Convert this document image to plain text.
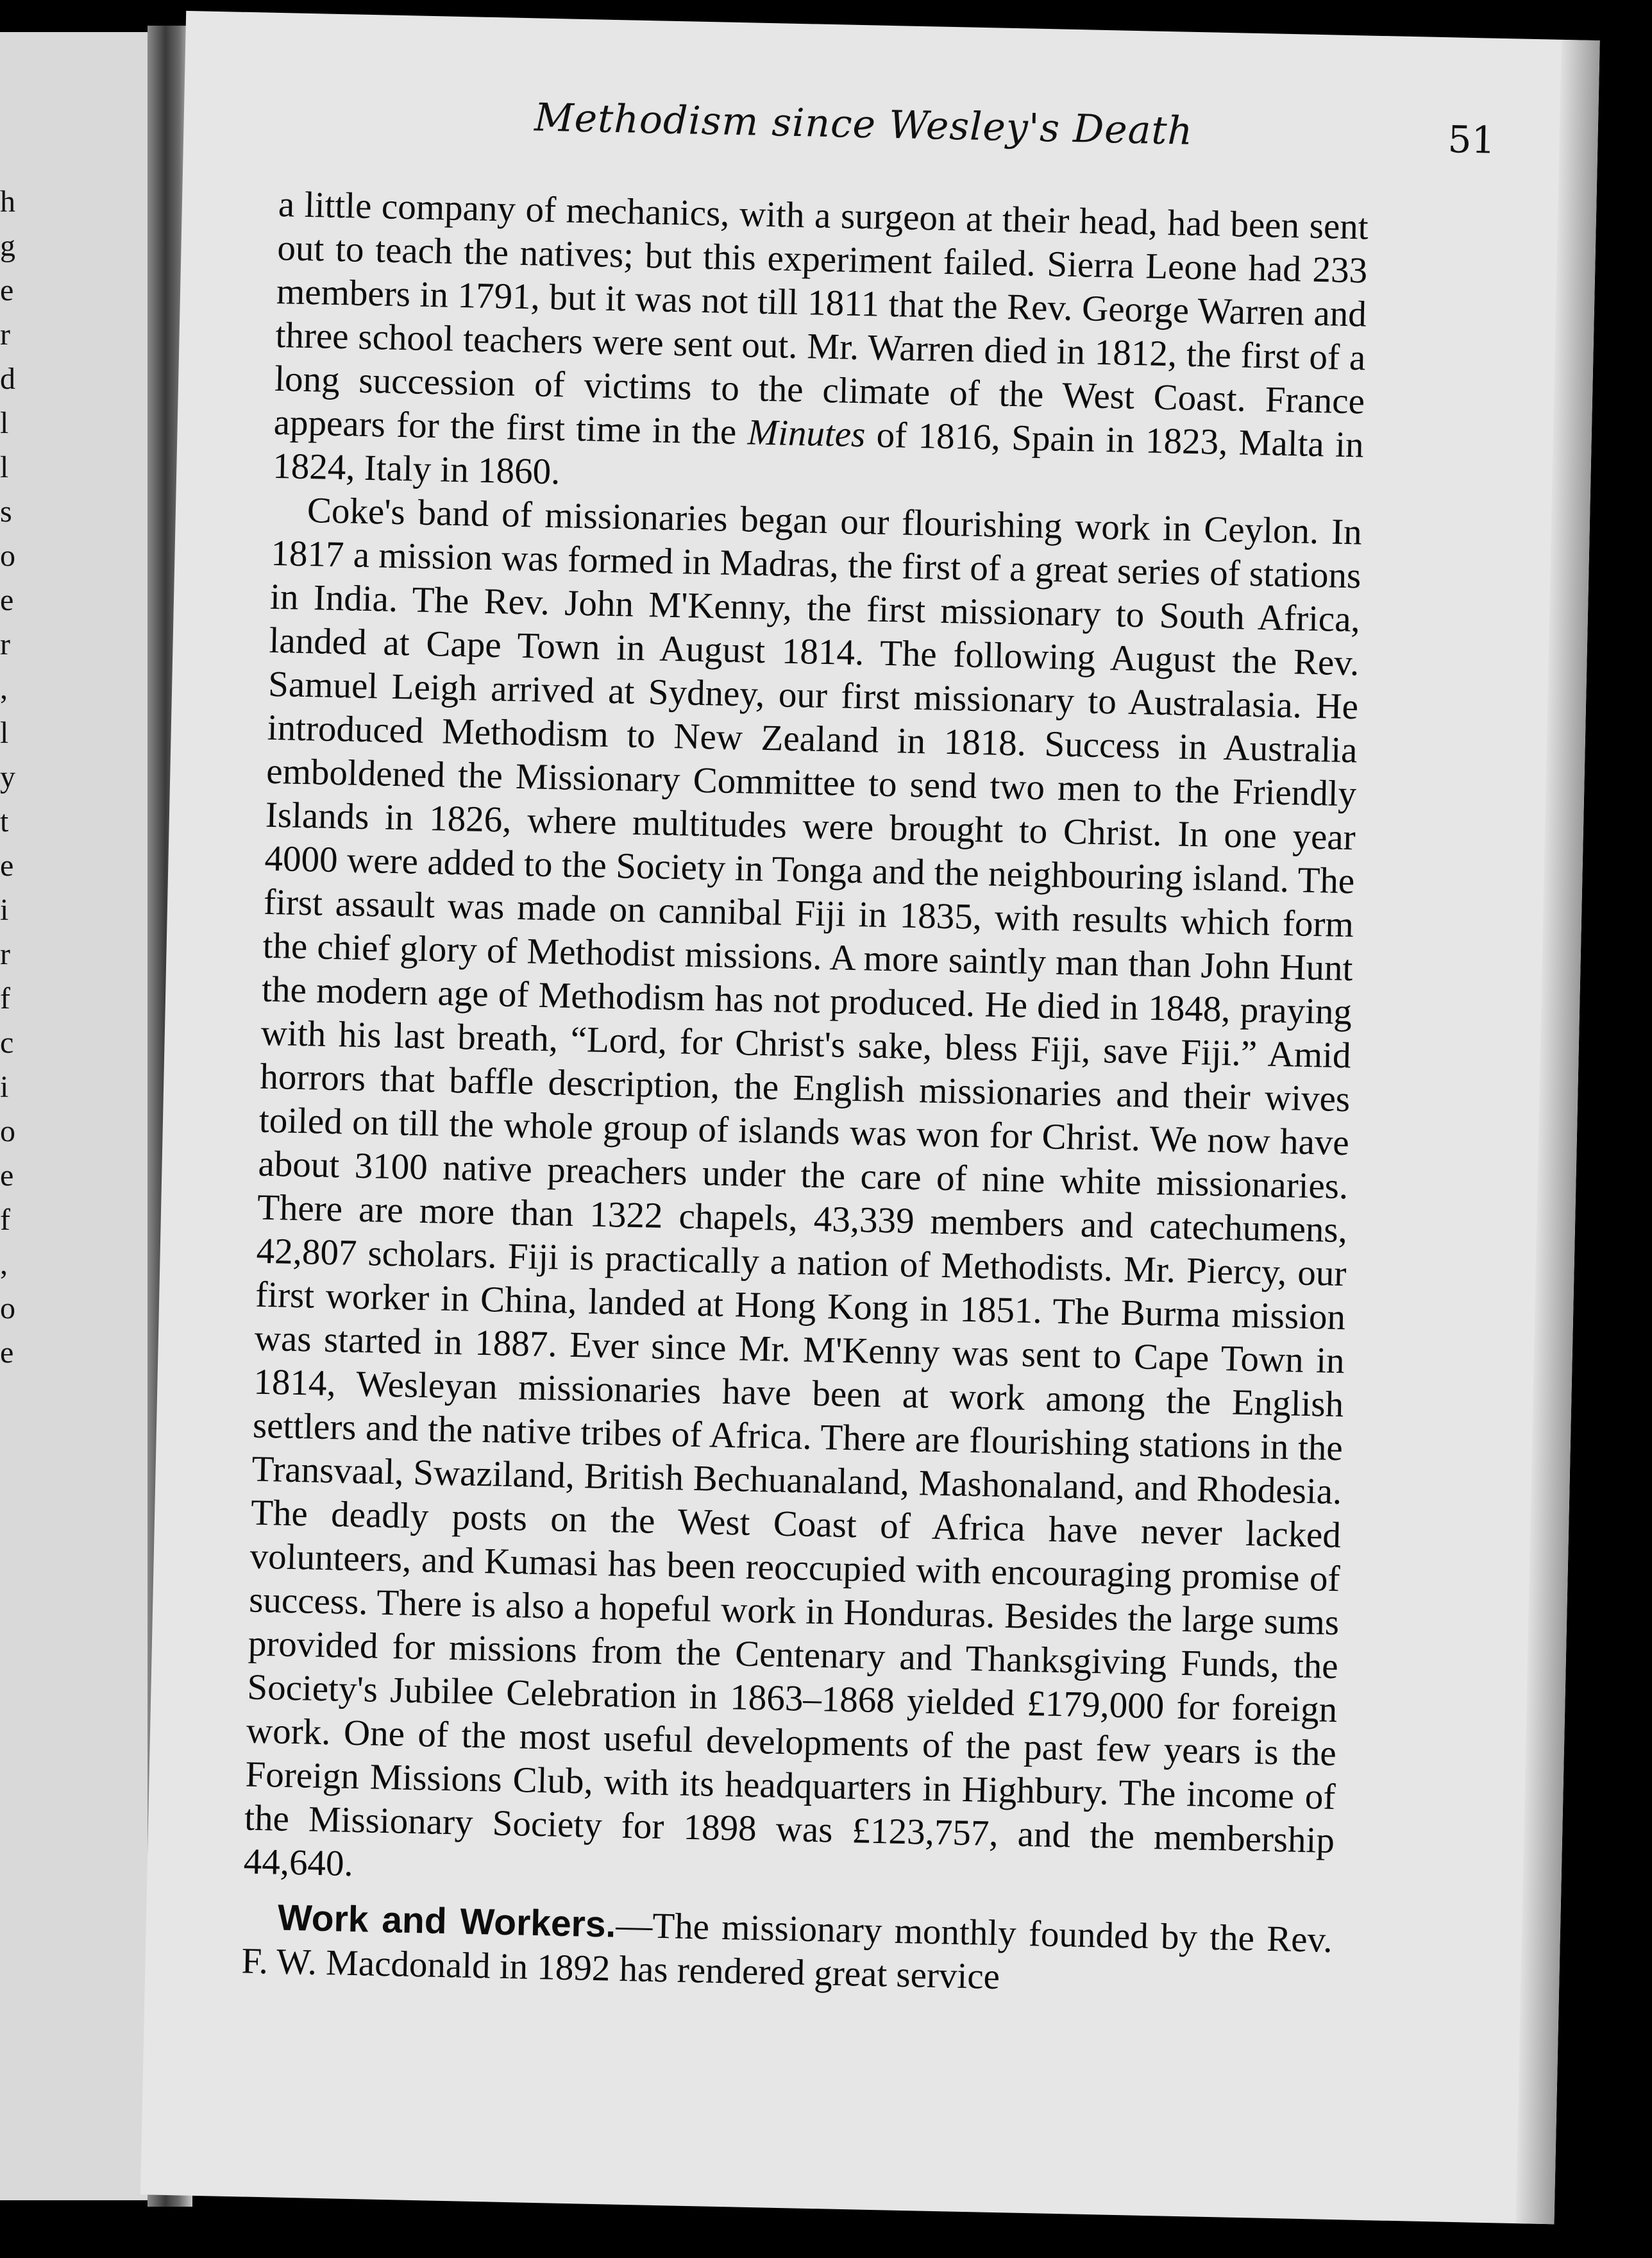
h
g
e
r
d
l
l
s
o
e
r
,
l
y
t
e
i
r
f
c
i
o
e
f
,
o
e
Methodism since Wesley's Death	51

a little company of mechanics, with a surgeon at their head, had been sent out to teach the natives; but this experiment failed. Sierra Leone had 233 members in 1791, but it was not till 1811 that the Rev. George Warren and three school teachers were sent out. Mr. Warren died in 1812, the first of a long succession of victims to the climate of the West Coast. France appears for the first time in the Minutes of 1816, Spain in 1823, Malta in 1824, Italy in 1860.

Coke's band of missionaries began our flourishing work in Ceylon. In 1817 a mission was formed in Madras, the first of a great series of stations in India. The Rev. John M'Kenny, the first missionary to South Africa, landed at Cape Town in August 1814. The following August the Rev. Samuel Leigh arrived at Sydney, our first missionary to Australasia. He introduced Methodism to New Zealand in 1818. Success in Australia emboldened the Missionary Committee to send two men to the Friendly Islands in 1826, where multitudes were brought to Christ. In one year 4000 were added to the Society in Tonga and the neighbouring island. The first assault was made on cannibal Fiji in 1835, with results which form the chief glory of Methodist missions. A more saintly man than John Hunt the modern age of Methodism has not produced. He died in 1848, praying with his last breath, “Lord, for Christ's sake, bless Fiji, save Fiji.” Amid horrors that baffle description, the English missionaries and their wives toiled on till the whole group of islands was won for Christ. We now have about 3100 native preachers under the care of nine white missionaries. There are more than 1322 chapels, 43,339 members and catechumens, 42,807 scholars. Fiji is practically a nation of Methodists. Mr. Piercy, our first worker in China, landed at Hong Kong in 1851. The Burma mission was started in 1887. Ever since Mr. M'Kenny was sent to Cape Town in 1814, Wesleyan missionaries have been at work among the English settlers and the native tribes of Africa. There are flourishing stations in the Transvaal, Swaziland, British Bechuanaland, Mashonaland, and Rhodesia. The deadly posts on the West Coast of Africa have never lacked volunteers, and Kumasi has been reoccupied with encouraging promise of success. There is also a hopeful work in Honduras. Besides the large sums provided for missions from the Centenary and Thanksgiving Funds, the Society's Jubilee Celebration in 1863–1868 yielded £179,000 for foreign work. One of the most useful developments of the past few years is the Foreign Missions Club, with its headquarters in Highbury. The income of the Missionary Society for 1898 was £123,757, and the membership 44,640.

Work and Workers.—The missionary monthly founded by the Rev. F. W. Macdonald in 1892 has rendered great service
